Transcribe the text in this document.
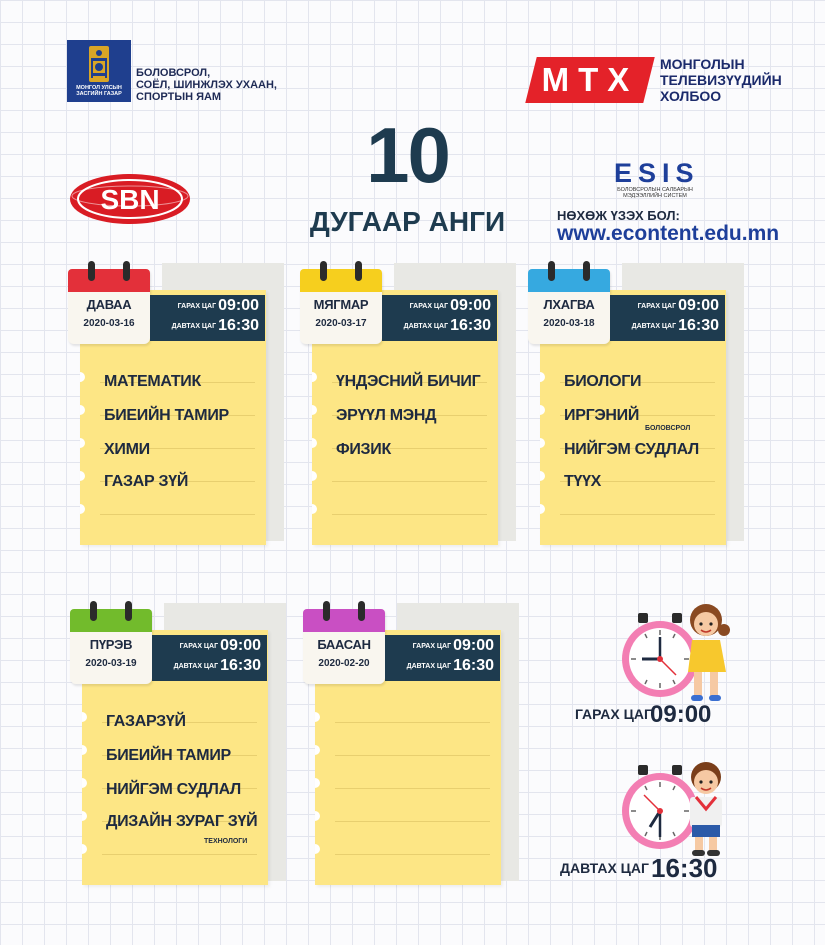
МОНГОЛ УЛСЫН ЗАСГИЙН ГАЗАР
БОЛОВСРОЛ,
СОЁЛ, ШИНЖЛЭХ УХААН,
СПОРТЫН ЯАМ	МТХ	МОНГОЛЫН
ТЕЛЕВИЗҮҮДИЙН
ХОЛБОО
10
ДУГААР АНГИ
SBN
ESIS
БОЛОВСРОЛЫН САЛБАРЫН МЭДЭЭЛЛИЙН СИСТЕМ
НӨХӨЖ ҮЗЭХ БОЛ:
www.econtent.edu.mn
ДАВАА
2020-03-16
ГАРАХ ЦАГ 09:00
ДАВТАХ ЦАГ 16:30
МАТЕМАТИК
БИЕИЙН ТАМИР
ХИМИ
ГАЗАР ЗҮЙ
МЯГМАР
2020-03-17
ГАРАХ ЦАГ 09:00
ДАВТАХ ЦАГ 16:30
ҮНДЭСНИЙ БИЧИГ
ЭРҮҮЛ МЭНД
ФИЗИК
ЛХАГВА
2020-03-18
ГАРАХ ЦАГ 09:00
ДАВТАХ ЦАГ 16:30
БИОЛОГИ
ИРГЭНИЙ
НИЙГЭМ СУДЛАЛ
ТҮҮХ
БОЛОВСРОЛ
ПҮРЭВ
2020-03-19
ГАРАХ ЦАГ 09:00
ДАВТАХ ЦАГ 16:30
ГАЗАРЗҮЙ
БИЕИЙН ТАМИР
НИЙГЭМ СУДЛАЛ
ДИЗАЙН ЗУРАГ ЗҮЙ
ТЕХНОЛОГИ
БААСАН
2020-02-20
ГАРАХ ЦАГ 09:00
ДАВТАХ ЦАГ 16:30
ГАРАХ ЦАГ
09:00
ДАВТАХ ЦАГ 16:30
